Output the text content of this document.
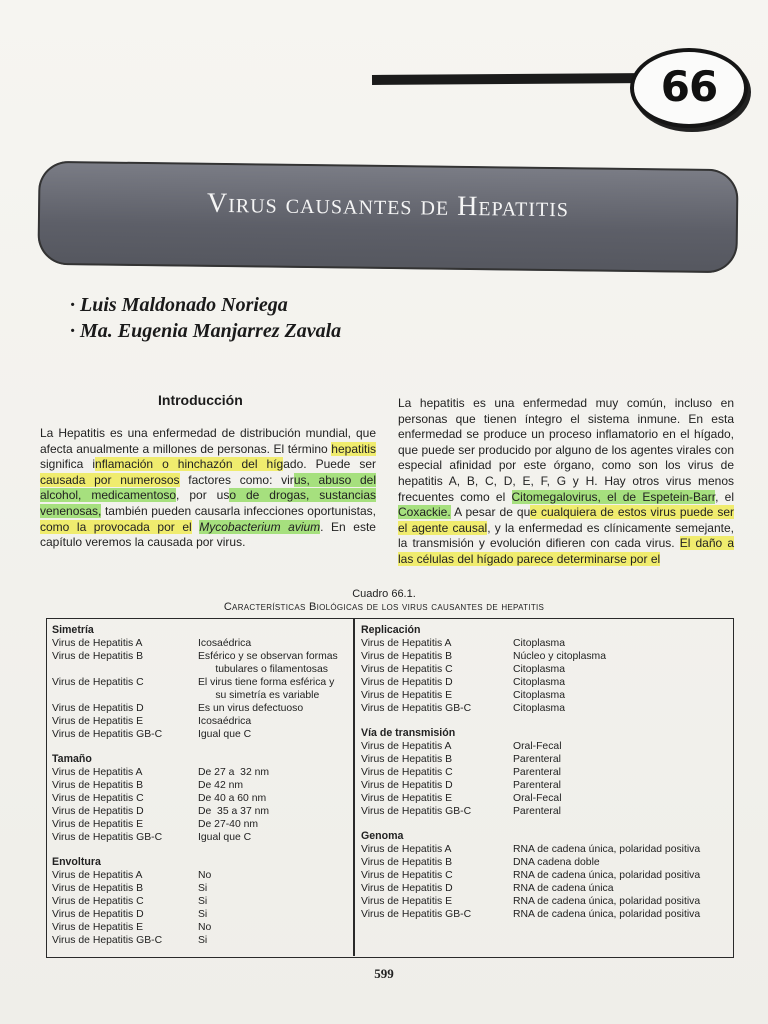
66
Virus causantes de Hepatitis
· Luis Maldonado Noriega
· Ma. Eugenia Manjarrez Zavala
Introducción
La Hepatitis es una enfermedad de distribución mundial, que afecta anualmente a millones de personas. El término hepatitis significa inflamación o hinchazón del hígado. Puede ser causada por numerosos factores como: virus, abuso del alcohol, medicamentoso, por uso de drogas, sustancias venenosas, también pueden causarla infecciones oportunistas, como la provocada por el Mycobacterium avium. En este capítulo veremos la causada por virus.
La hepatitis es una enfermedad muy común, incluso en personas que tienen íntegro el sistema inmune. En esta enfermedad se produce un proceso inflamatorio en el hígado, que puede ser producido por alguno de los agentes virales con especial afinidad por este órgano, como son los virus de hepatitis A, B, C, D, E, F, G y H. Hay otros virus menos frecuentes como el Citomegalovirus, el de Espetein-Barr, el Coxackie. A pesar de que cualquiera de estos virus puede ser el agente causal, y la enfermedad es clínicamente semejante, la transmisión y evolución difieren con cada virus. El daño a las células del hígado parece determinarse por el
Cuadro 66.1.
Características Biológicas de los virus causantes de hepatitis
Simetría
Virus de Hepatitis A	Icosaédrica
Virus de Hepatitis B	Esférico y se observan formas
tubulares o filamentosas
Virus de Hepatitis C	El virus tiene forma esférica y
su simetría es variable
Virus de Hepatitis D	Es un virus defectuoso
Virus de Hepatitis E	Icosaédrica
Virus de Hepatitis GB-C	Igual que C
Tamaño
Virus de Hepatitis A	De 27 a  32 nm
Virus de Hepatitis B	De 42 nm
Virus de Hepatitis C	De 40 a 60 nm
Virus de Hepatitis D	De  35 a 37 nm
Virus de Hepatitis E	De 27-40 nm
Virus de Hepatitis GB-C	Igual que C
Envoltura
Virus de Hepatitis A	No
Virus de Hepatitis B	Si
Virus de Hepatitis C	Si
Virus de Hepatitis D	Si
Virus de Hepatitis E	No
Virus de Hepatitis GB-C	Si
Replicación
Virus de Hepatitis A	Citoplasma
Virus de Hepatitis B	Núcleo y citoplasma
Virus de Hepatitis C	Citoplasma
Virus de Hepatitis D	Citoplasma
Virus de Hepatitis E	Citoplasma
Virus de Hepatitis GB-C	Citoplasma
Vía de transmisión
Virus de Hepatitis A	Oral-Fecal
Virus de Hepatitis B	Parenteral
Virus de Hepatitis C	Parenteral
Virus de Hepatitis D	Parenteral
Virus de Hepatitis E	Oral-Fecal
Virus de Hepatitis GB-C	Parenteral
Genoma
Virus de Hepatitis A	RNA de cadena única, polaridad positiva
Virus de Hepatitis B	DNA cadena doble
Virus de Hepatitis C	RNA de cadena única, polaridad positiva
Virus de Hepatitis D	RNA de cadena única
Virus de Hepatitis E	RNA de cadena única, polaridad positiva
Virus de Hepatitis GB-C	RNA de cadena única, polaridad positiva
599
